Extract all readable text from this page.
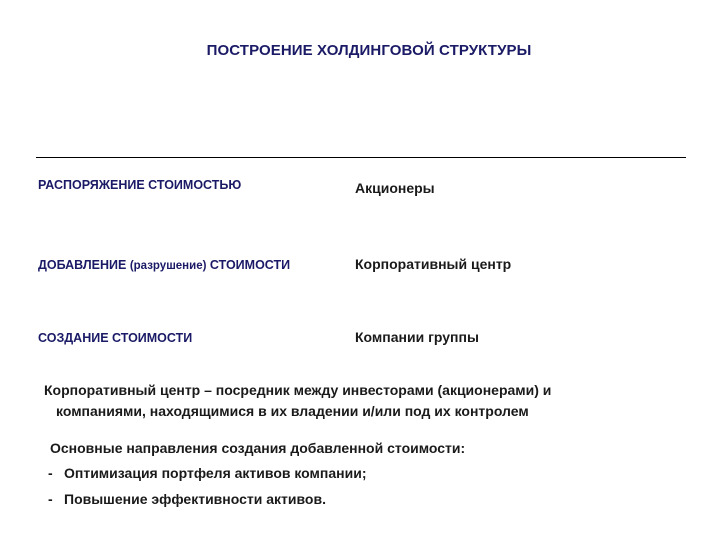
ПОСТРОЕНИЕ ХОЛДИНГОВОЙ СТРУКТУРЫ
РАСПОРЯЖЕНИЕ СТОИМОСТЬЮ	Акционеры
ДОБАВЛЕНИЕ (разрушение) СТОИМОСТИ	Корпоративный центр
СОЗДАНИЕ СТОИМОСТИ	Компании группы
Корпоративный центр – посредник между инвесторами (акционерами) и
компаниями, находящимися в их владении и/или под их контролем
Основные направления создания добавленной стоимости:
- Оптимизация портфеля активов компании;
- Повышение эффективности активов.
